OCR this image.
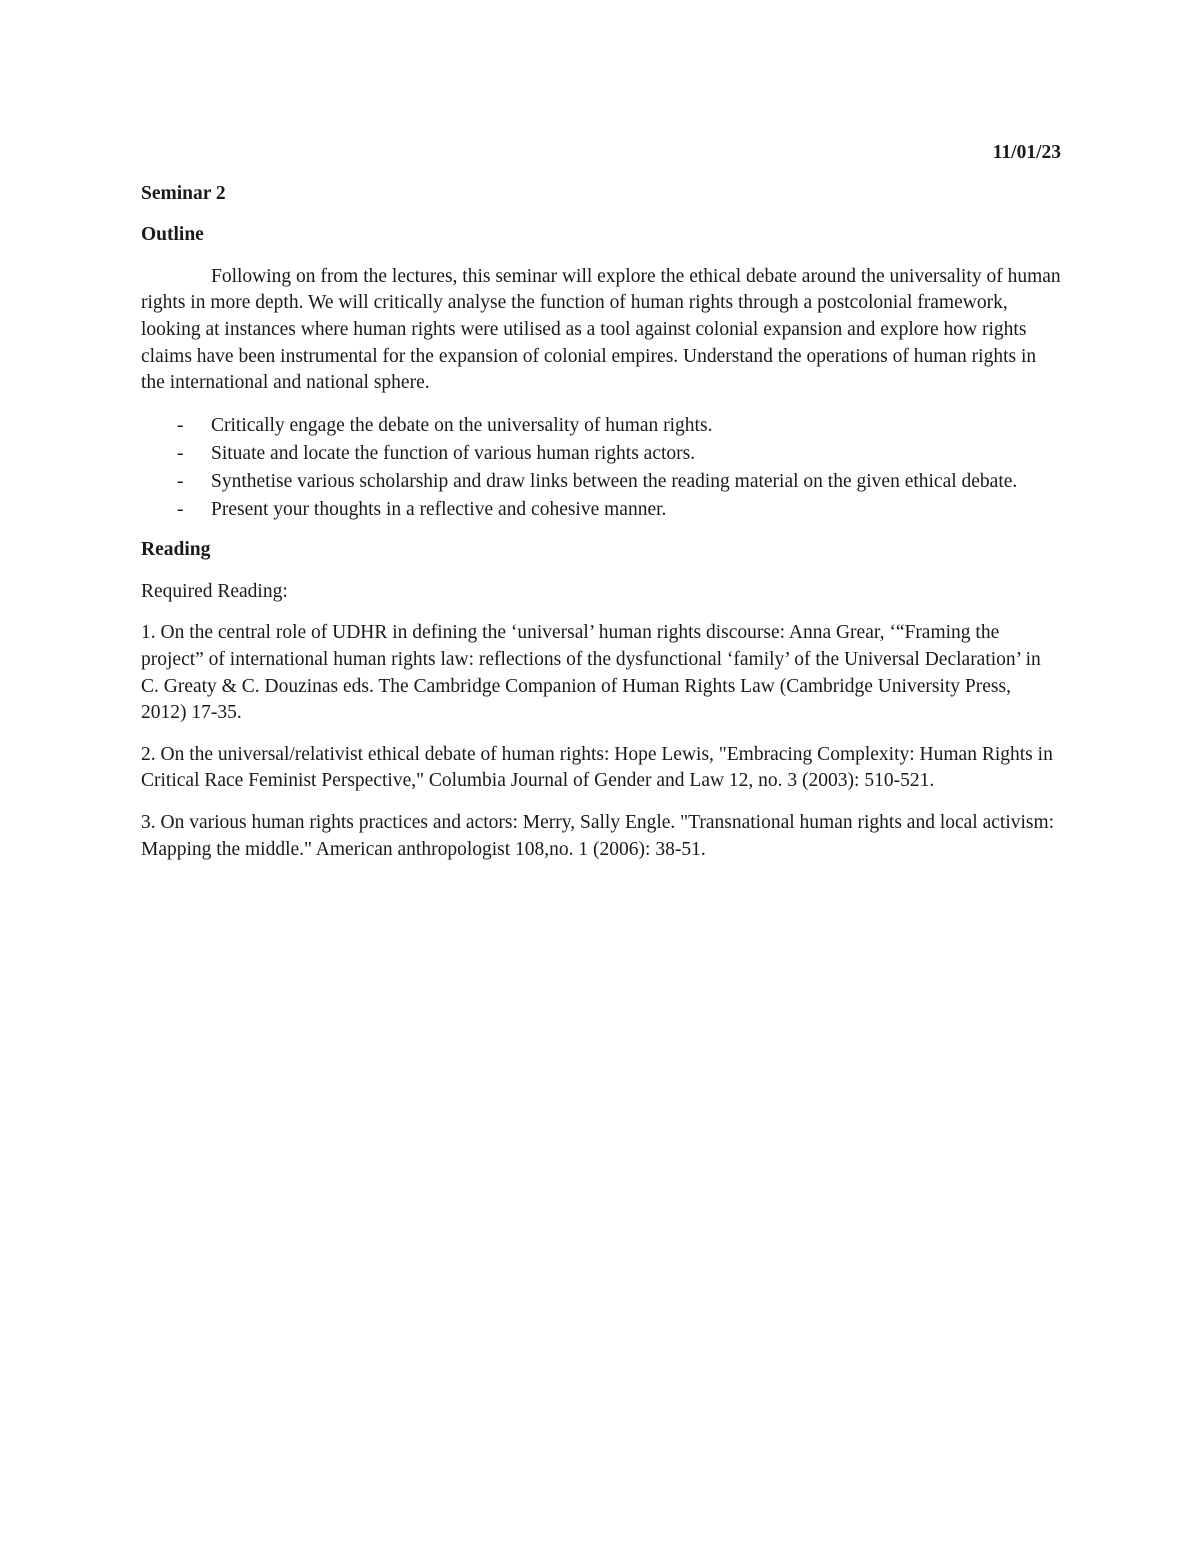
11/01/23

Seminar 2

Outline

Following on from the lectures, this seminar will explore the ethical debate around the universality of human rights in more depth. We will critically analyse the function of human rights through a postcolonial framework, looking at instances where human rights were utilised as a tool against colonial expansion and explore how rights claims have been instrumental for the expansion of colonial empires. Understand the operations of human rights in the international and national sphere.

- Critically engage the debate on the universality of human rights.
- Situate and locate the function of various human rights actors.
- Synthetise various scholarship and draw links between the reading material on the given ethical debate.
- Present your thoughts in a reflective and cohesive manner.

Reading

Required Reading:

1. On the central role of UDHR in defining the ‘universal’ human rights discourse: Anna Grear, ‘“Framing the project” of international human rights law: reflections of the dysfunctional ‘family’ of the Universal Declaration’ in C. Greaty & C. Douzinas eds. The Cambridge Companion of Human Rights Law (Cambridge University Press, 2012) 17-35.

2. On the universal/relativist ethical debate of human rights: Hope Lewis, "Embracing Complexity: Human Rights in Critical Race Feminist Perspective," Columbia Journal of Gender and Law 12, no. 3 (2003): 510-521.

3. On various human rights practices and actors: Merry, Sally Engle. "Transnational human rights and local activism: Mapping the middle." American anthropologist 108,no. 1 (2006): 38-51.
